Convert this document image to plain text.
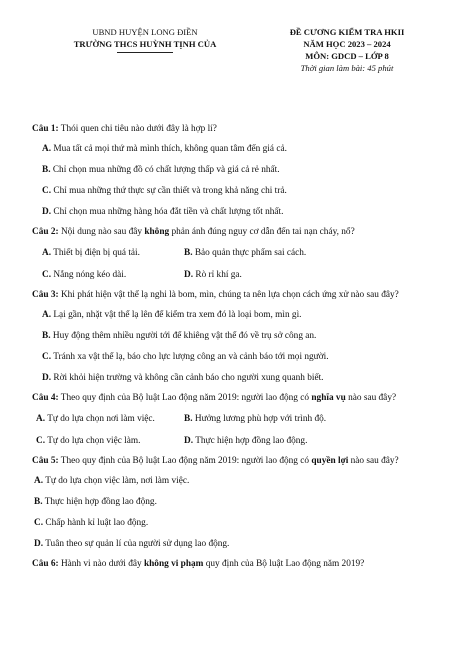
UBND HUYỆN LONG ĐIỀN
TRƯỜNG THCS HUỲNH TỊNH CỦA
ĐỀ CƯƠNG KIỂM TRA HKII
NĂM HỌC 2023 – 2024
MÔN: GDCD – LỚP 8
Thời gian làm bài: 45 phút

Câu 1: Thói quen chi tiêu nào dưới đây là hợp lí?

A. Mua tất cả mọi thứ mà mình thích, không quan tâm đến giá cả.

B. Chỉ chọn mua những đồ có chất lượng thấp và giá cả rẻ nhất.

C. Chỉ mua những thứ thực sự cần thiết và trong khả năng chi trả.

D. Chỉ chọn mua những hàng hóa đắt tiền và chất lượng tốt nhất.

Câu 2: Nội dung nào sau đây không phản ánh đúng nguy cơ dẫn đến tai nạn cháy, nổ?

A. Thiết bị điện bị quá tải.	B. Bảo quản thực phẩm sai cách.
C. Nắng nóng kéo dài.	D. Rò rỉ khí ga.

Câu 3: Khi phát hiện vật thể lạ nghi là bom, mìn, chúng ta nên lựa chọn cách ứng xử nào sau đây?

A. Lại gần, nhặt vật thể lạ lên để kiểm tra xem đó là loại bom, mìn gì.

B. Huy động thêm nhiều người tới để khiêng vật thể đó về trụ sở công an.

C. Tránh xa vật thể lạ, báo cho lực lượng công an và cảnh báo tới mọi người.

D. Rời khỏi hiện trường và không cần cảnh báo cho người xung quanh biết.

Câu 4: Theo quy định của Bộ luật Lao động năm 2019: người lao động có nghĩa vụ nào sau đây?

A. Tự do lựa chọn nơi làm việc.	B. Hưởng lương phù hợp với trình độ.
C. Tự do lựa chọn việc làm.	D. Thực hiện hợp đồng lao động.

Câu 5: Theo quy định của Bộ luật Lao động năm 2019: người lao động có quyền lợi nào sau đây?

A. Tự do lựa chọn việc làm, nơi làm việc.

B. Thực hiện hợp đồng lao động.

C. Chấp hành kỉ luật lao động.

D. Tuân theo sự quản lí của người sử dụng lao động.

Câu 6: Hành vi nào dưới đây không vi phạm quy định của Bộ luật Lao động năm 2019?
